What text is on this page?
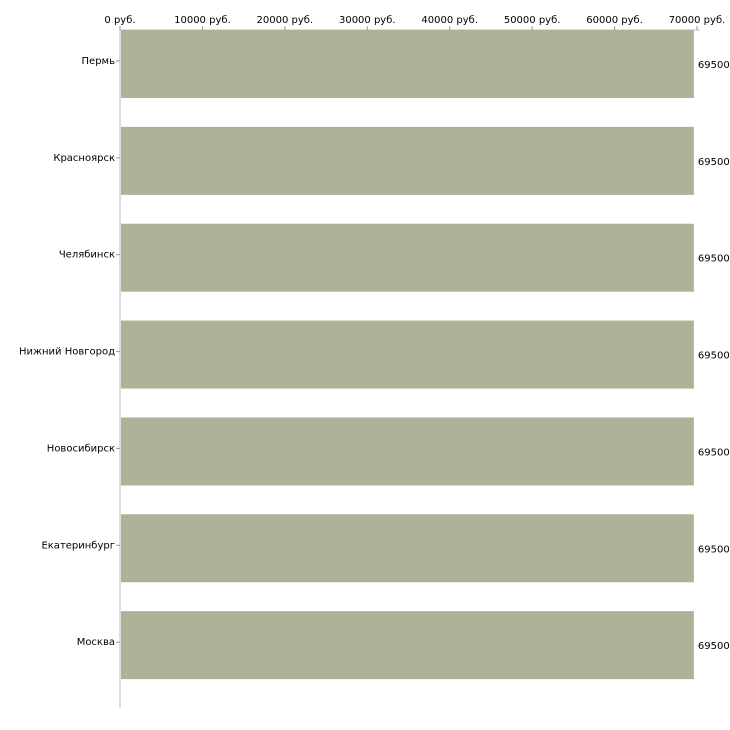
0 руб.	10000 руб.	20000 руб.	30000 руб.	40000 руб.	50000 руб.	60000 руб.	70000 руб.
Пермь
Красноярск
Челябинск
Нижний Новгород
Новосибирск
Екатеринбург
Москва
69500
69500
69500
69500
69500
69500
69500
